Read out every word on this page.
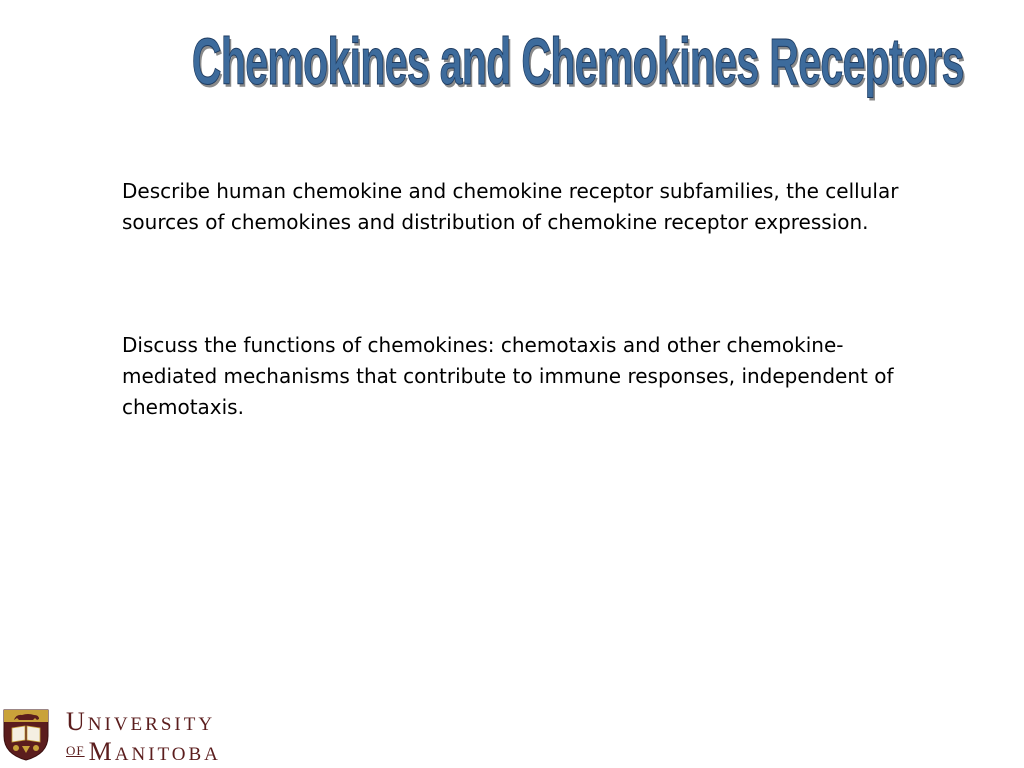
Chemokines and Chemokines Receptors

Describe human chemokine and chemokine receptor subfamilies, the cellular sources of chemokines and distribution of chemokine receptor expression.

Discuss the functions of chemokines: chemotaxis and other chemokine-mediated mechanisms that contribute to immune responses, independent of chemotaxis.

UNIVERSITY
$^{OF}$ MANITOBA
